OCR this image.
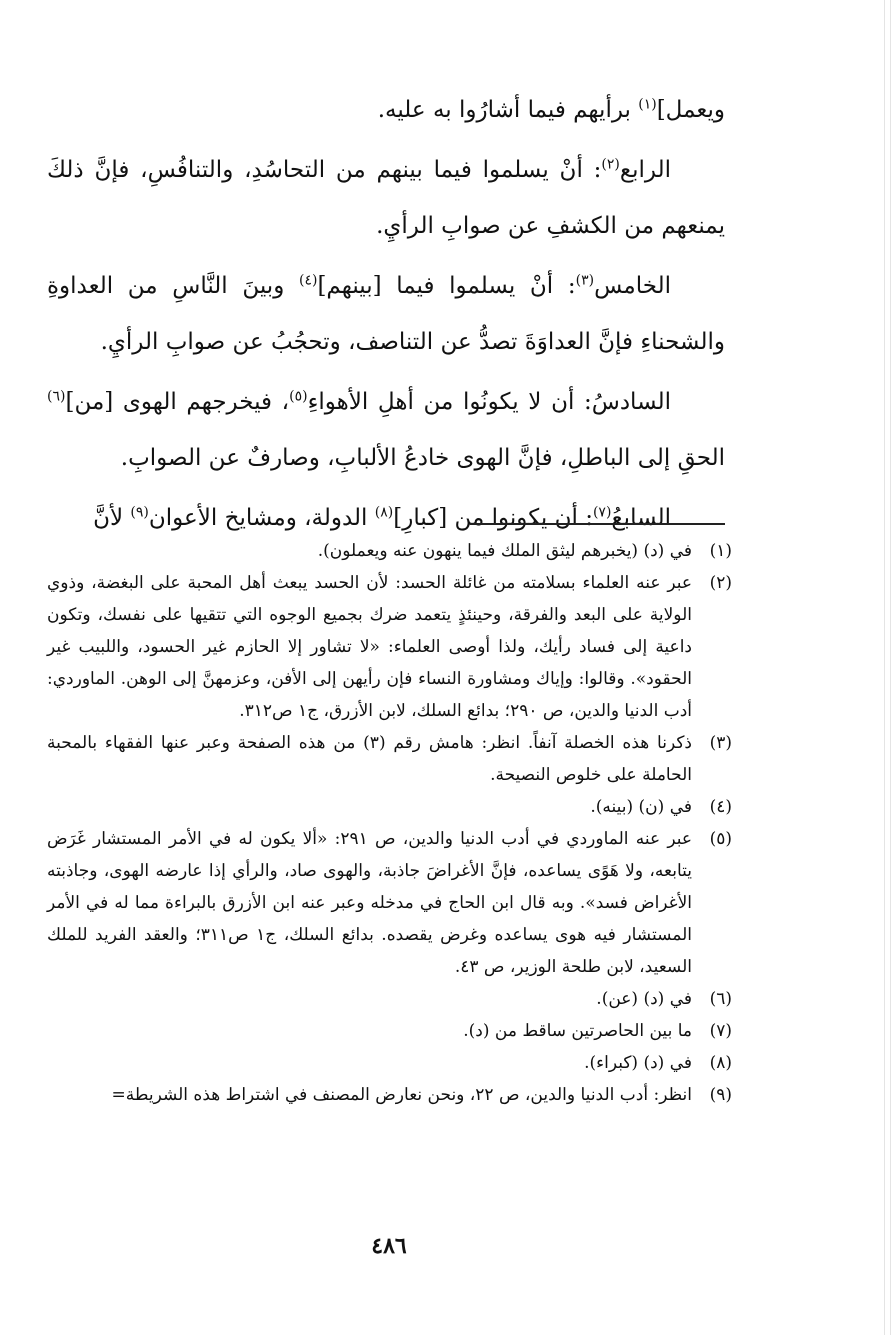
ويعمل]$^{(١)}$ برأيهم فيما أشارُوا به عليه.

الرابع$^{(٢)}$: أنْ يسلموا فيما بينهم من التحاسُدِ، والتنافُسِ، فإنَّ ذلكَ يمنعهم من الكشفِ عن صوابِ الرأيِ.

الخامس$^{(٣)}$: أنْ يسلموا فيما [بينهم]$^{(٤)}$ وبينَ النَّاسِ من العداوةِ والشحناءِ فإنَّ العداوَةَ تصدُّ عن التناصف، وتحجُبُ عن صوابِ الرأيِ.

السادسُ: أن لا يكونُوا من أهلِ الأهواءِ$^{(٥)}$، فيخرجهم الهوى [من]$^{(٦)}$ الحقِ إلى الباطلِ، فإنَّ الهوى خادعُ الألبابِ، وصارفٌ عن الصوابِ.

السابعُ$^{(٧)}$: أن يكونوا من [كبارِ]$^{(٨)}$ الدولة، ومشايخ الأعوان$^{(٩)}$ لأنَّ

(١)
في (د) (يخبرهم ليثق الملك فيما ينهون عنه ويعملون).

(٢)
عبر عنه العلماء بسلامته من غائلة الحسد: لأن الحسد يبعث أهل المحبة على البغضة، وذوي الولاية على البعد والفرقة، وحينئذٍ يتعمد ضرك بجميع الوجوه التي تتقيها على نفسك، وتكون داعية إلى فساد رأيك، ولذا أوصى العلماء: «لا تشاور إلا الحازم غير الحسود، واللبيب غير الحقود». وقالوا: وإياك ومشاورة النساء فإن رأيهن إلى الأفن، وعزمهنَّ إلى الوهن. الماوردي: أدب الدنيا والدين، ص ٢٩٠؛ بدائع السلك، لابن الأزرق، ج١ ص٣١٢.

(٣)
ذكرنا هذه الخصلة آنفاً. انظر: هامش رقم (٣) من هذه الصفحة وعبر عنها الفقهاء بالمحبة الحاملة على خلوص النصيحة.

(٤)
في (ن) (بينه).

(٥)
عبر عنه الماوردي في أدب الدنيا والدين، ص ٢٩١: «ألا يكون له في الأمر المستشار غَرَض يتابعه، ولا هَوًى يساعده، فإنَّ الأغراضَ جاذبة، والهوى صاد، والرأي إذا عارضه الهوى، وجاذبته الأغراض فسد». وبه قال ابن الحاج في مدخله وعبر عنه ابن الأزرق بالبراءة مما له في الأمر المستشار فيه هوى يساعده وغرض يقصده. بدائع السلك، ج١ ص٣١١؛ والعقد الفريد للملك السعيد، لابن طلحة الوزير، ص ٤٣.

(٦)
في (د) (عن).

(٧)
ما بين الحاصرتين ساقط من (د).

(٨)
في (د) (كبراء).

(٩)
انظر: أدب الدنيا والدين، ص ٢٢، ونحن نعارض المصنف في اشتراط هذه الشريطة=

٤٨٦
